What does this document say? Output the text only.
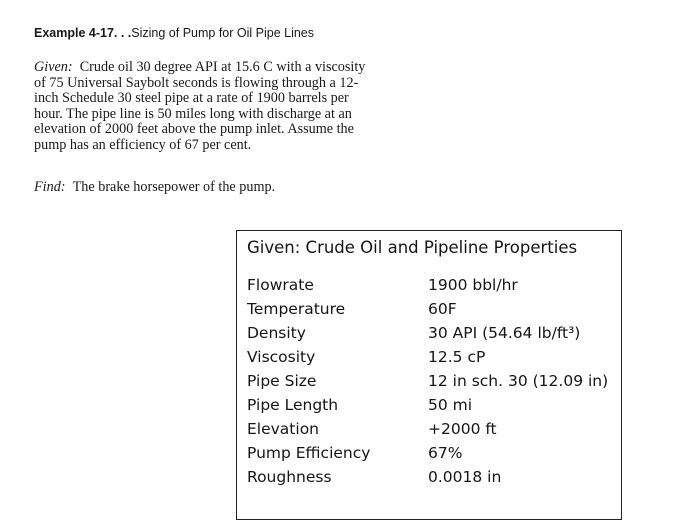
Example 4-17. . .Sizing of Pump for Oil Pipe Lines
Given: Crude oil 30 degree API at 15.6 C with a viscosity
of 75 Universal Saybolt seconds is flowing through a 12-
inch Schedule 30 steel pipe at a rate of 1900 barrels per
hour. The pipe line is 50 miles long with discharge at an
elevation of 2000 feet above the pump inlet. Assume the
pump has an efficiency of 67 per cent.
Find: The brake horsepower of the pump.
Given: Crude Oil and Pipeline Properties
Flowrate	1900 bbl/hr
Temperature	60F
Density	30 API (54.64 lb/ft³)
Viscosity	12.5 cP
Pipe Size	12 in sch. 30 (12.09 in)
Pipe Length	50 mi
Elevation	+2000 ft
Pump Efficiency	67%
Roughness	0.0018 in
